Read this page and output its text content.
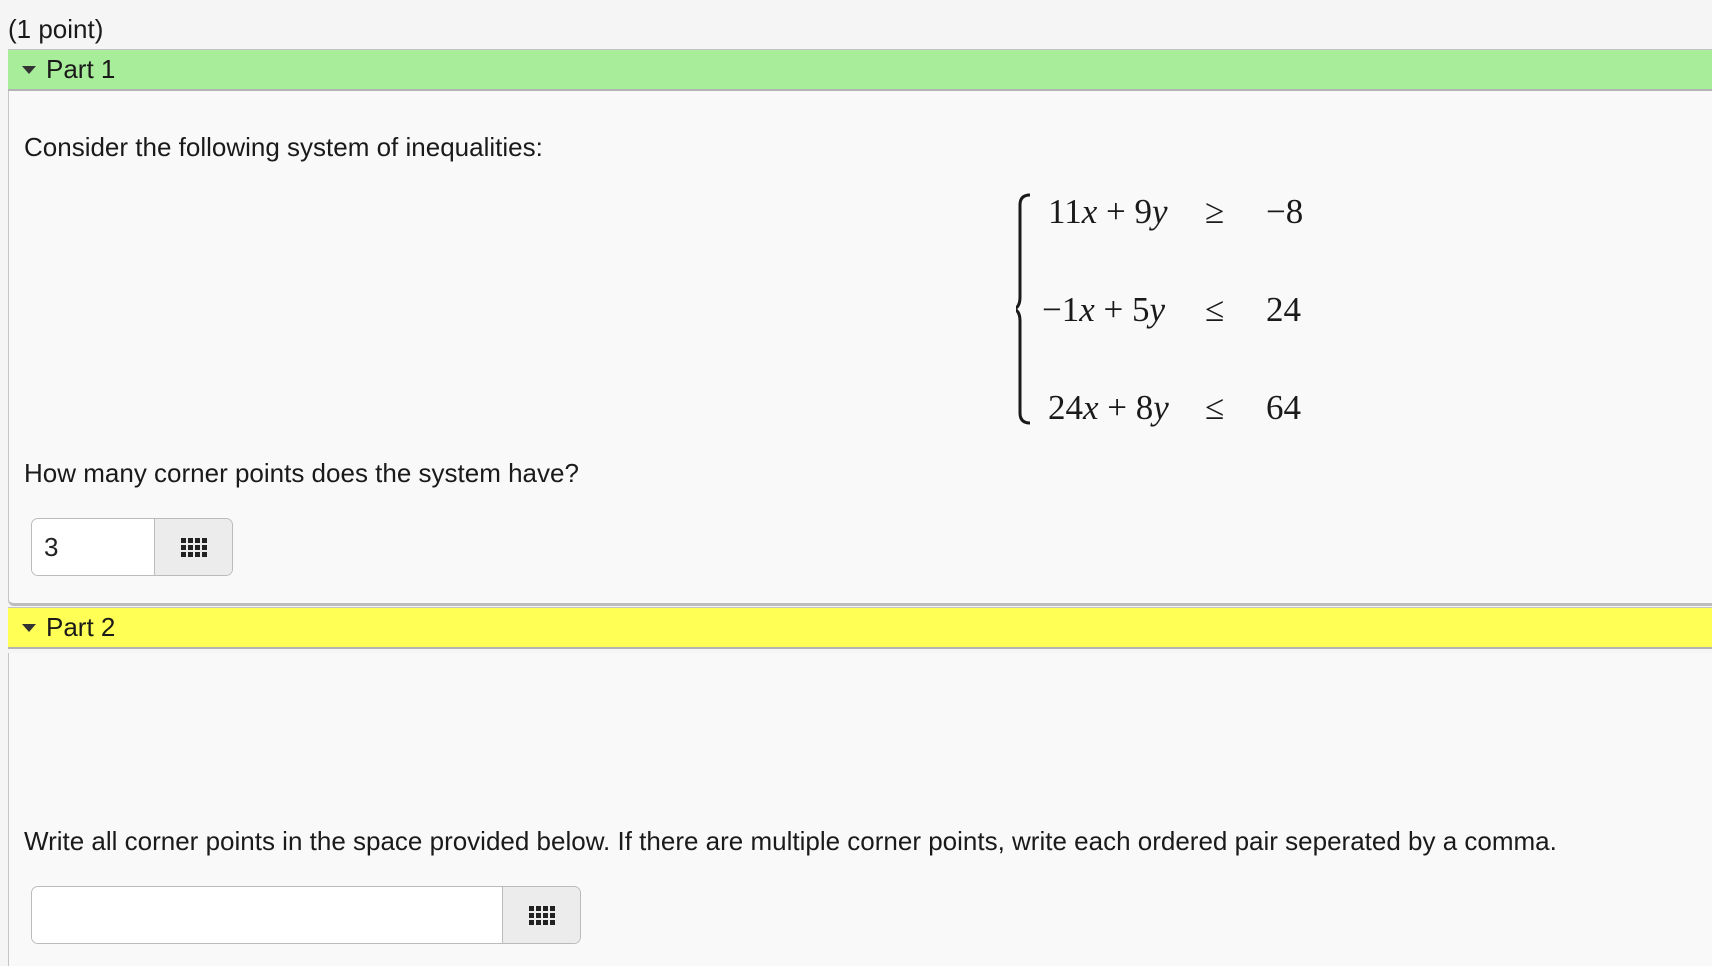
(1 point)
Part 1
Consider the following system of inequalities:
11x + 9y ≥ −8
−1x + 5y ≤ 24
24x + 8y ≤ 64
How many corner points does the system have?
3
Part 2
Write all corner points in the space provided below. If there are multiple corner points, write each ordered pair seperated by a comma.
